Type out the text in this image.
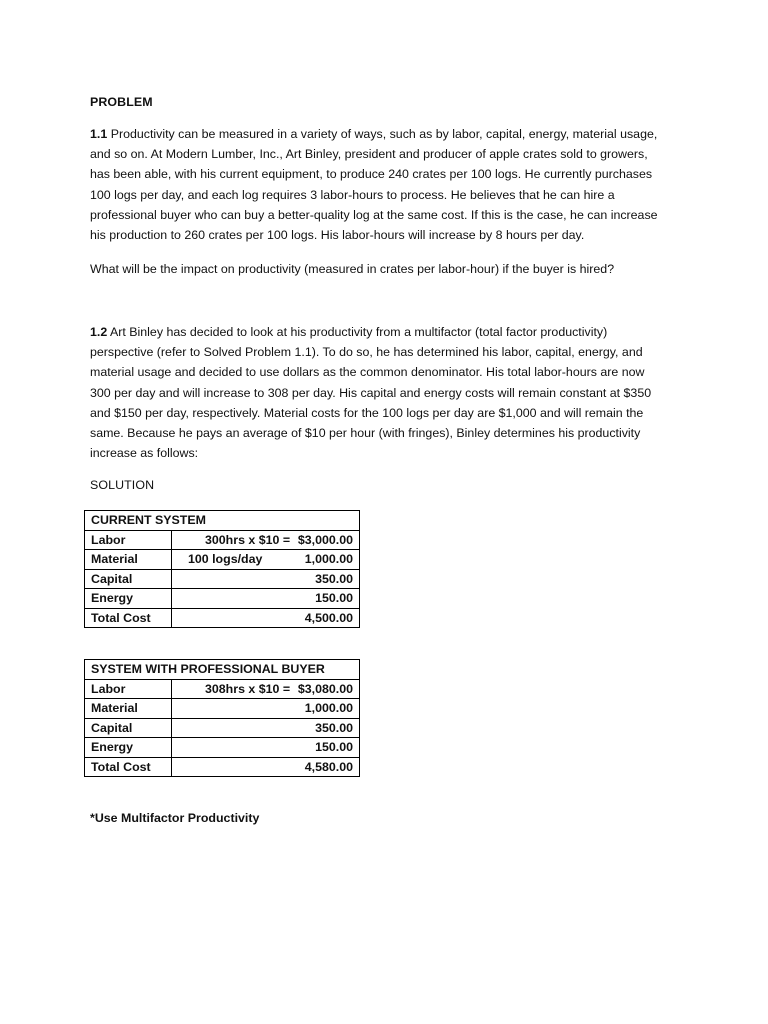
PROBLEM

1.1 Productivity can be measured in a variety of ways, such as by labor, capital, energy, material usage,
and so on. At Modern Lumber, Inc., Art Binley, president and producer of apple crates sold to growers,
has been able, with his current equipment, to produce 240 crates per 100 logs. He currently purchases
100 logs per day, and each log requires 3 labor-hours to process. He believes that he can hire a
professional buyer who can buy a better-quality log at the same cost. If this is the case, he can increase
his production to 260 crates per 100 logs. His labor-hours will increase by 8 hours per day.

What will be the impact on productivity (measured in crates per labor-hour) if the buyer is hired?

1.2 Art Binley has decided to look at his productivity from a multifactor (total factor productivity)
perspective (refer to Solved Problem 1.1). To do so, he has determined his labor, capital, energy, and
material usage and decided to use dollars as the common denominator. His total labor-hours are now
300 per day and will increase to 308 per day. His capital and energy costs will remain constant at $350
and $150 per day, respectively. Material costs for the 100 logs per day are $1,000 and will remain the
same. Because he pays an average of $10 per hour (with fringes), Binley determines his productivity
increase as follows:

SOLUTION
CURRENT SYSTEM	
Labor	300hrs x $10 = $3,000.00

Material	100 logs/day 1,000.00

Capital	350.00

Energy	150.00

Total Cost	4,500.00
SYSTEM WITH PROFESSIONAL BUYER	
Labor	308hrs x $10 = $3,080.00

Material	1,000.00

Capital	350.00

Energy	150.00

Total Cost	4,580.00
*Use Multifactor Productivity
